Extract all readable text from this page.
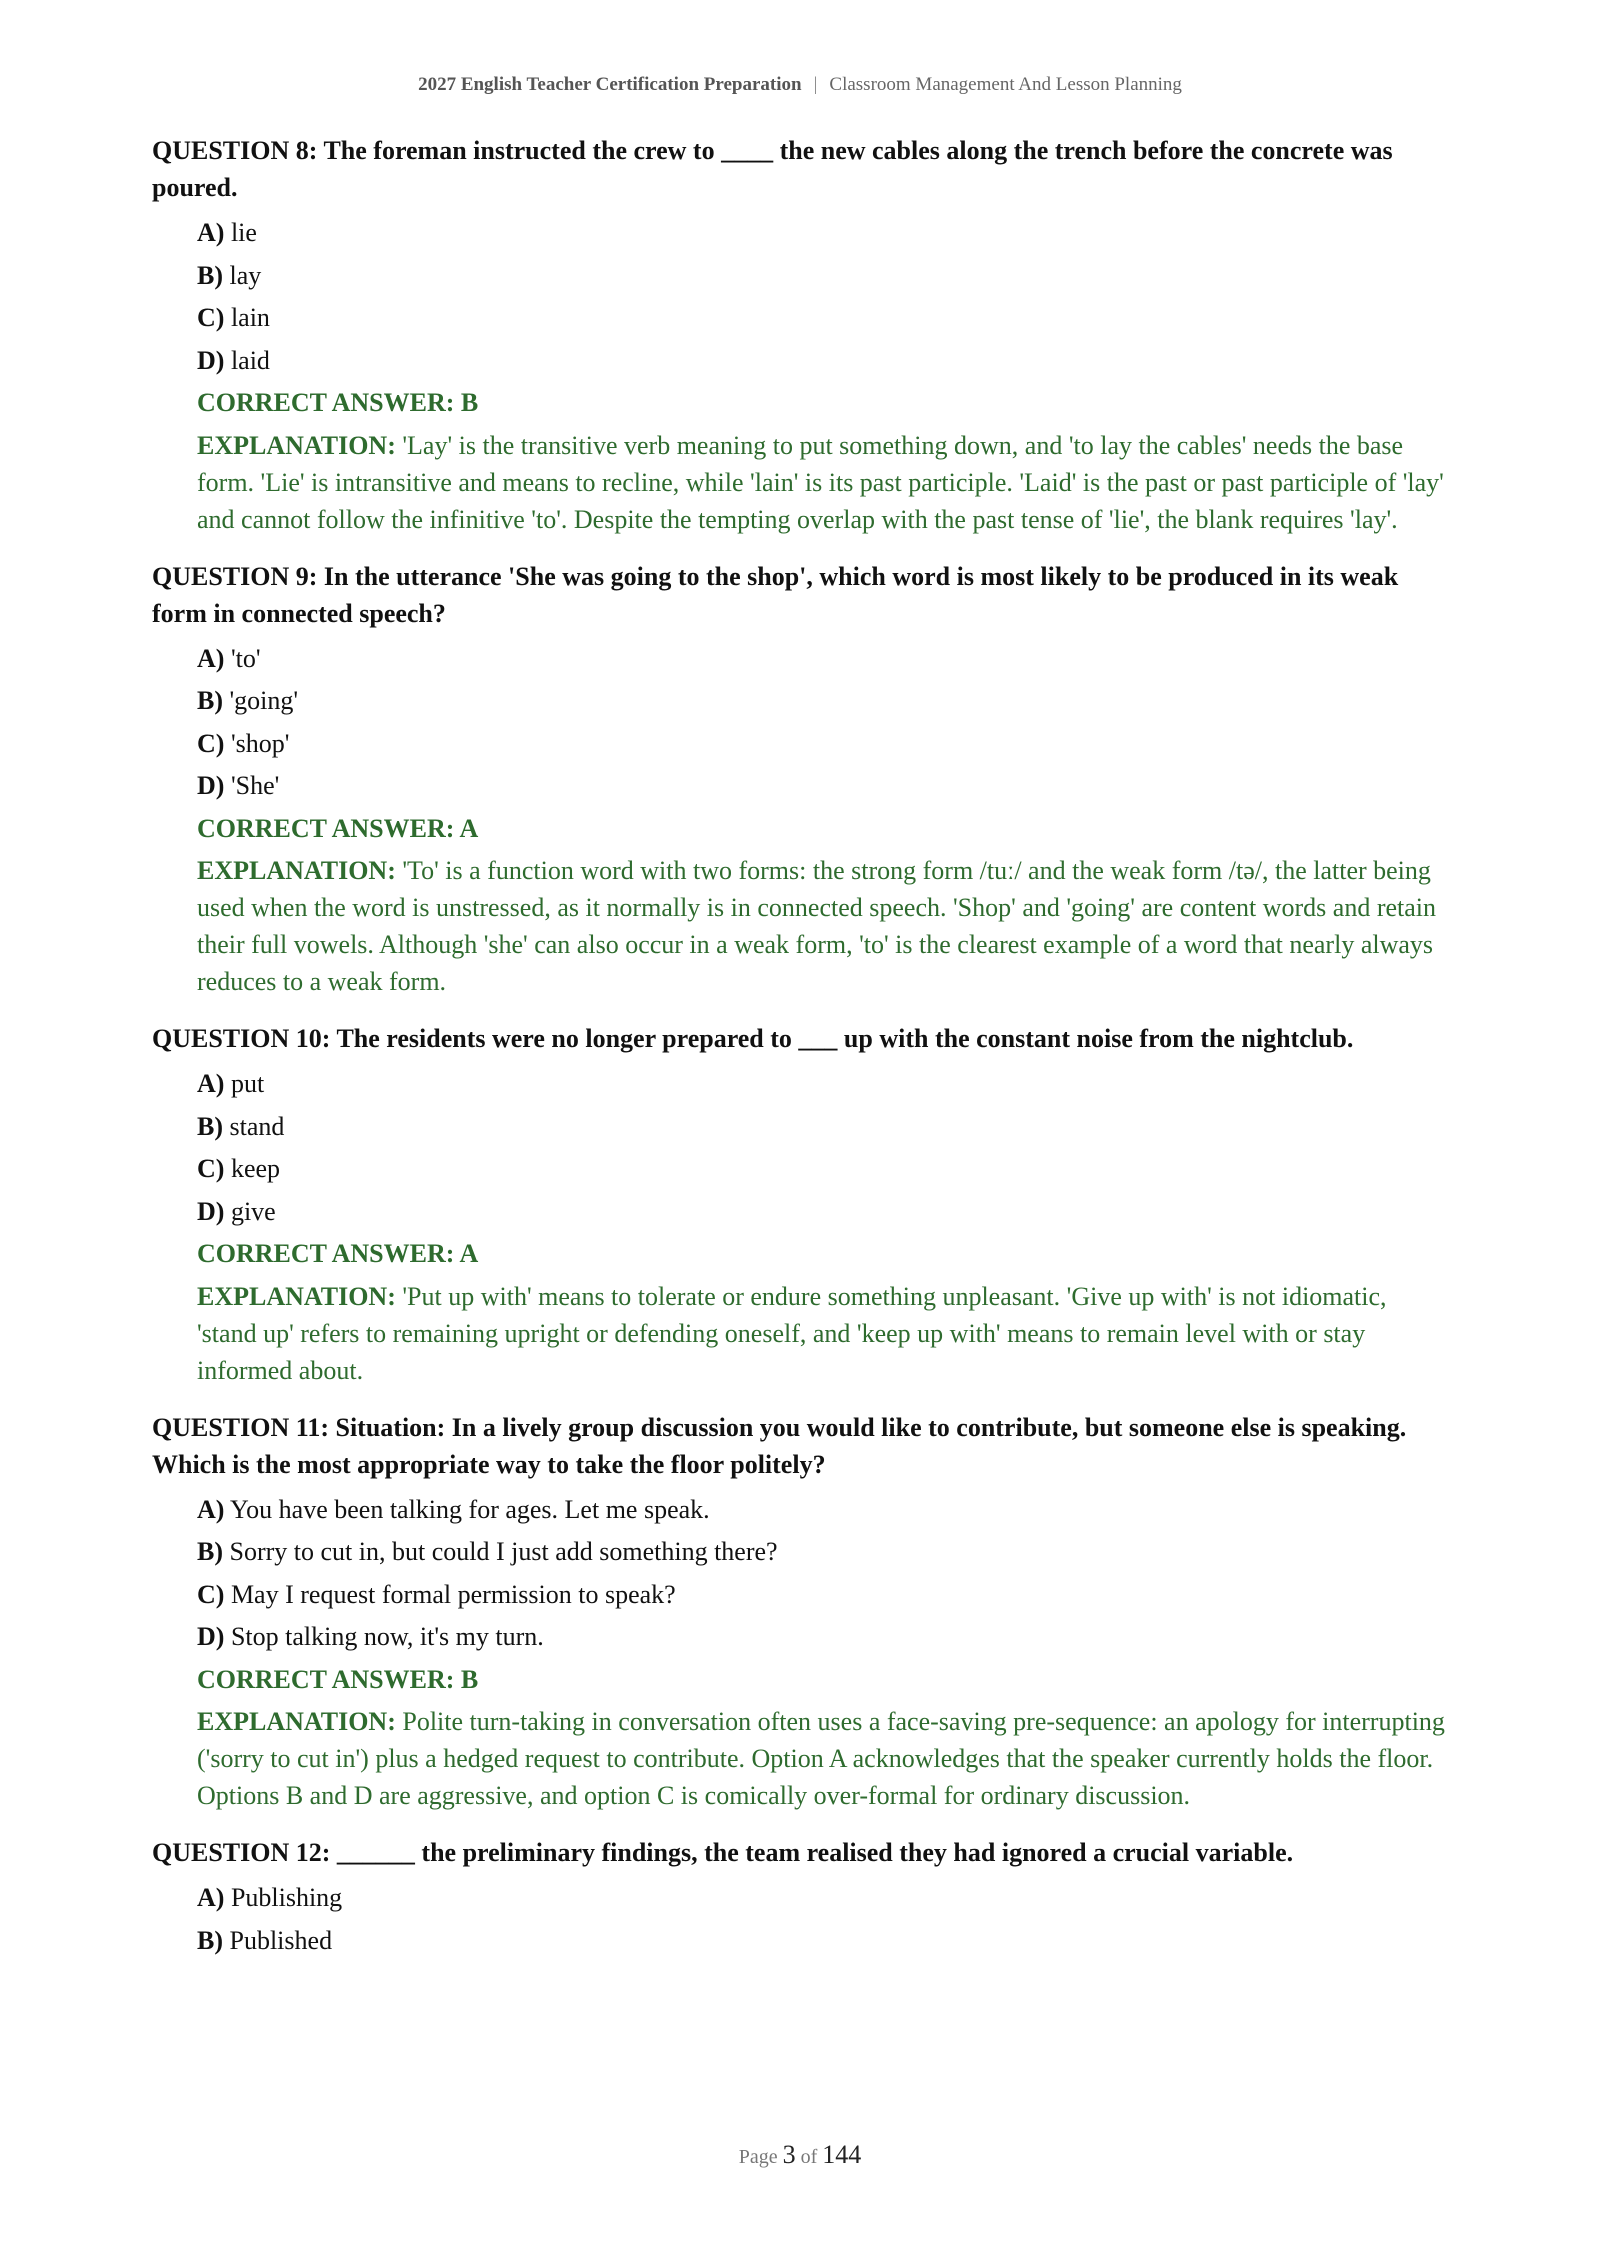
2027 English Teacher Certification Preparation | Classroom Management And Lesson Planning
QUESTION 8: The foreman instructed the crew to ____ the new cables along the trench before the concrete was poured.
A) lie
B) lay
C) lain
D) laid
CORRECT ANSWER: B
EXPLANATION: 'Lay' is the transitive verb meaning to put something down, and 'to lay the cables' needs the base form. 'Lie' is intransitive and means to recline, while 'lain' is its past participle. 'Laid' is the past or past participle of 'lay' and cannot follow the infinitive 'to'. Despite the tempting overlap with the past tense of 'lie', the blank requires 'lay'.
QUESTION 9: In the utterance 'She was going to the shop', which word is most likely to be produced in its weak form in connected speech?
A) 'to'
B) 'going'
C) 'shop'
D) 'She'
CORRECT ANSWER: A
EXPLANATION: 'To' is a function word with two forms: the strong form /tuː/ and the weak form /tə/, the latter being used when the word is unstressed, as it normally is in connected speech. 'Shop' and 'going' are content words and retain their full vowels. Although 'she' can also occur in a weak form, 'to' is the clearest example of a word that nearly always reduces to a weak form.
QUESTION 10: The residents were no longer prepared to ___ up with the constant noise from the nightclub.
A) put
B) stand
C) keep
D) give
CORRECT ANSWER: A
EXPLANATION: 'Put up with' means to tolerate or endure something unpleasant. 'Give up with' is not idiomatic, 'stand up' refers to remaining upright or defending oneself, and 'keep up with' means to remain level with or stay informed about.
QUESTION 11: Situation: In a lively group discussion you would like to contribute, but someone else is speaking. Which is the most appropriate way to take the floor politely?
A) You have been talking for ages. Let me speak.
B) Sorry to cut in, but could I just add something there?
C) May I request formal permission to speak?
D) Stop talking now, it's my turn.
CORRECT ANSWER: B
EXPLANATION: Polite turn-taking in conversation often uses a face-saving pre-sequence: an apology for interrupting ('sorry to cut in') plus a hedged request to contribute. Option A acknowledges that the speaker currently holds the floor. Options B and D are aggressive, and option C is comically over-formal for ordinary discussion.
QUESTION 12: ______ the preliminary findings, the team realised they had ignored a crucial variable.
A) Publishing
B) Published
Page 3 of 144
